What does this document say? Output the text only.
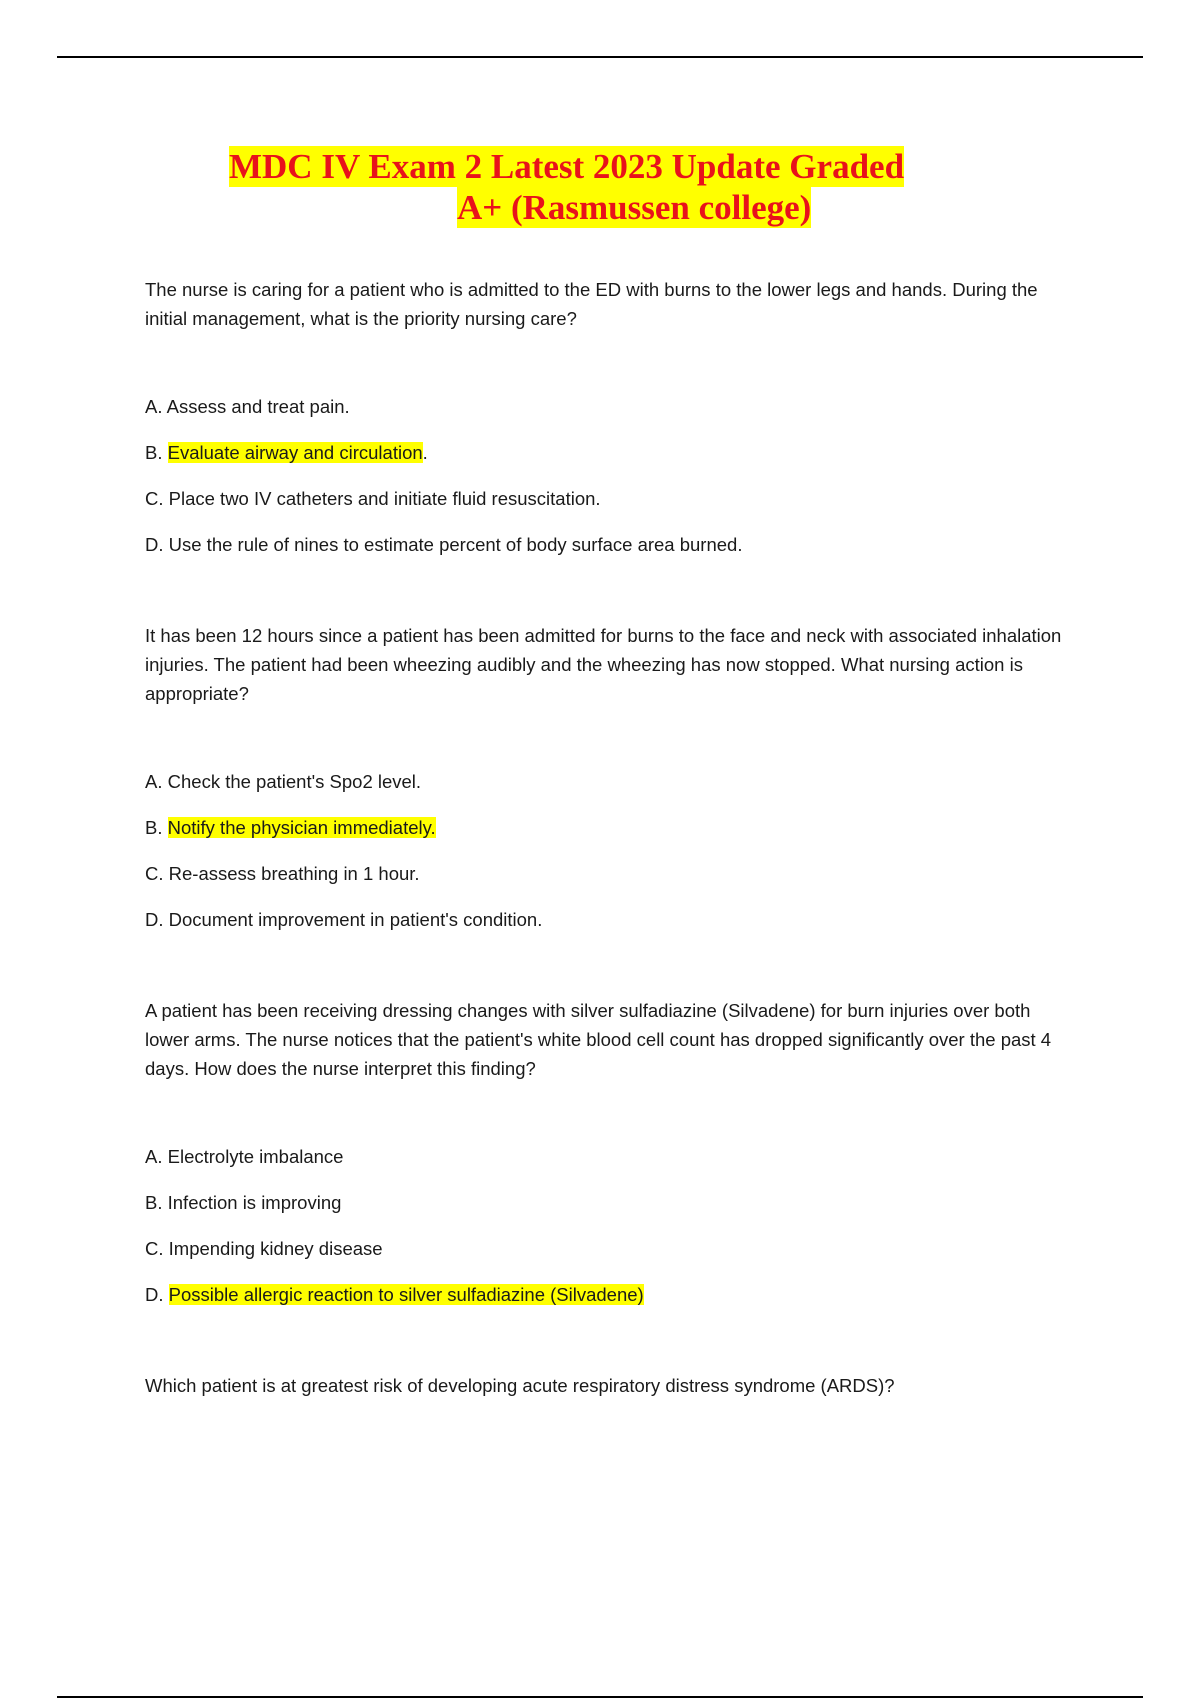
MDC IV Exam 2 Latest 2023 Update Graded
A+ (Rasmussen college)

The nurse is caring for a patient who is admitted to the ED with burns to the lower legs and hands. During the initial management, what is the priority nursing care?

A. Assess and treat pain.

B. Evaluate airway and circulation.

C. Place two IV catheters and initiate fluid resuscitation.

D. Use the rule of nines to estimate percent of body surface area burned.

It has been 12 hours since a patient has been admitted for burns to the face and neck with associated inhalation injuries. The patient had been wheezing audibly and the wheezing has now stopped. What nursing action is appropriate?

A. Check the patient's Spo2 level.

B. Notify the physician immediately.

C. Re-assess breathing in 1 hour.

D. Document improvement in patient's condition.

A patient has been receiving dressing changes with silver sulfadiazine (Silvadene) for burn injuries over both lower arms. The nurse notices that the patient's white blood cell count has dropped significantly over the past 4 days. How does the nurse interpret this finding?

A. Electrolyte imbalance

B. Infection is improving

C. Impending kidney disease

D. Possible allergic reaction to silver sulfadiazine (Silvadene)

Which patient is at greatest risk of developing acute respiratory distress syndrome (ARDS)?
